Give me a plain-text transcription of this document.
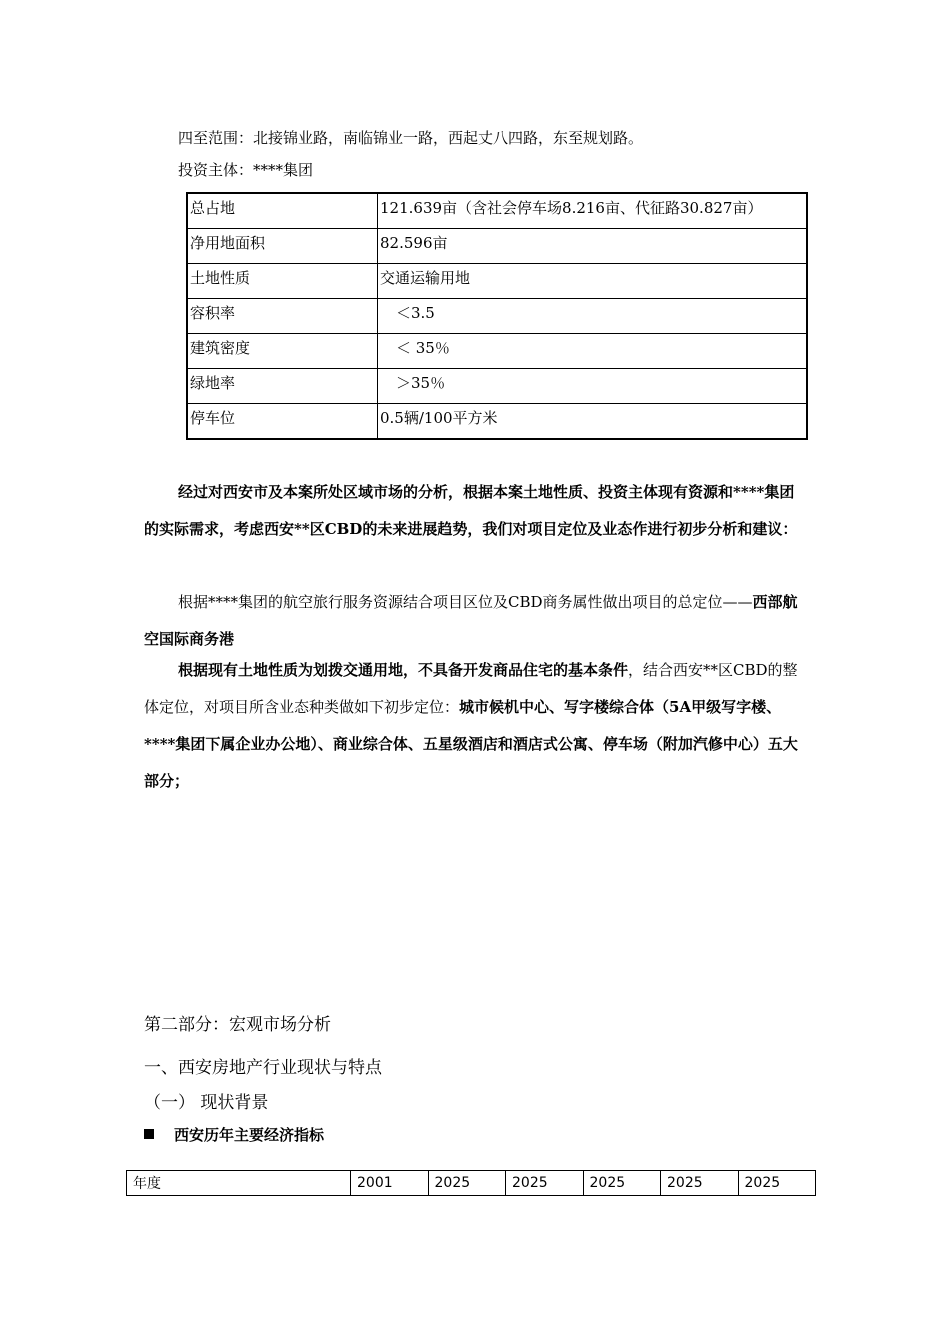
四至范围：北接锦业路，南临锦业一路，西起丈八四路，东至规划路。
投资主体：****集团
总占地	121.639亩（含社会停车场8.216亩、代征路30.827亩）
净用地面积	82.596亩
土地性质	交通运输用地
容积率	＜3.5
建筑密度	＜ 35％
绿地率	＞35％
停车位	0.5辆/100平方米
经过对西安市及本案所处区域市场的分析，根据本案土地性质、投资主体现有资源和****集团的实际需求，考虑西安**区CBD的未来进展趋势，我们对项目定位及业态作进行初步分析和建议：
根据****集团的航空旅行服务资源结合项目区位及CBD商务属性做出项目的总定位——西部航空国际商务港
根据现有土地性质为划拨交通用地，不具备开发商品住宅的基本条件，结合西安**区CBD的整体定位，对项目所含业态种类做如下初步定位：城市候机中心、写字楼综合体（5A甲级写字楼、****集团下属企业办公地）、商业综合体、五星级酒店和酒店式公寓、停车场（附加汽修中心）五大部分；
第二部分：宏观市场分析
一、西安房地产行业现状与特点
（一） 现状背景
西安历年主要经济指标
年度	2001	2025	2025	2025	2025	2025
